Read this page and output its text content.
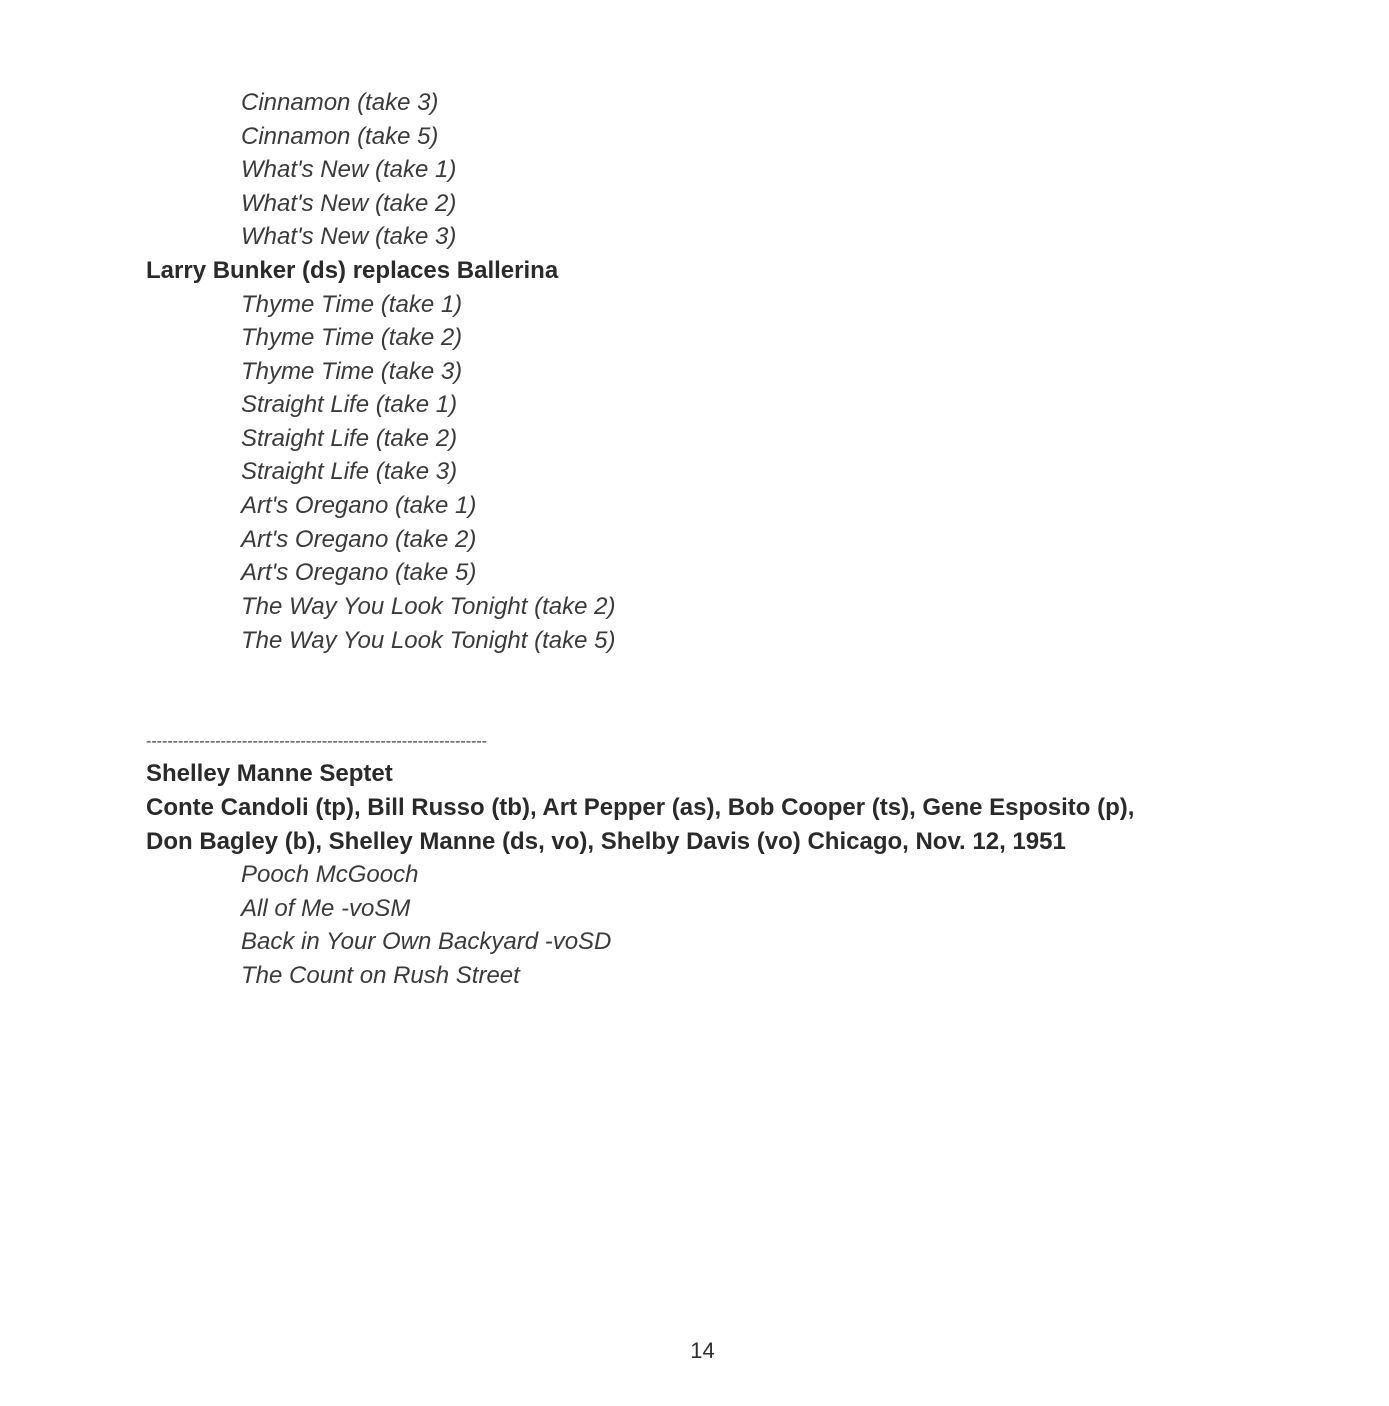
Cinnamon (take 3)
Cinnamon (take 5)
What's New (take 1)
What's New (take 2)
What's New (take 3)
Larry Bunker (ds) replaces Ballerina
Thyme Time (take 1)
Thyme Time (take 2)
Thyme Time (take 3)
Straight Life (take 1)
Straight Life (take 2)
Straight Life (take 3)
Art's Oregano (take 1)
Art's Oregano (take 2)
Art's Oregano (take 5)
The Way You Look Tonight (take 2)
The Way You Look Tonight (take 5)
----------------------------------------------------------------
Shelley Manne Septet
Conte Candoli (tp), Bill Russo (tb), Art Pepper (as), Bob Cooper (ts), Gene Esposito (p),
Don Bagley (b), Shelley Manne (ds, vo), Shelby Davis (vo) Chicago, Nov. 12, 1951
Pooch McGooch
All of Me -voSM
Back in Your Own Backyard -voSD
The Count on Rush Street
14
